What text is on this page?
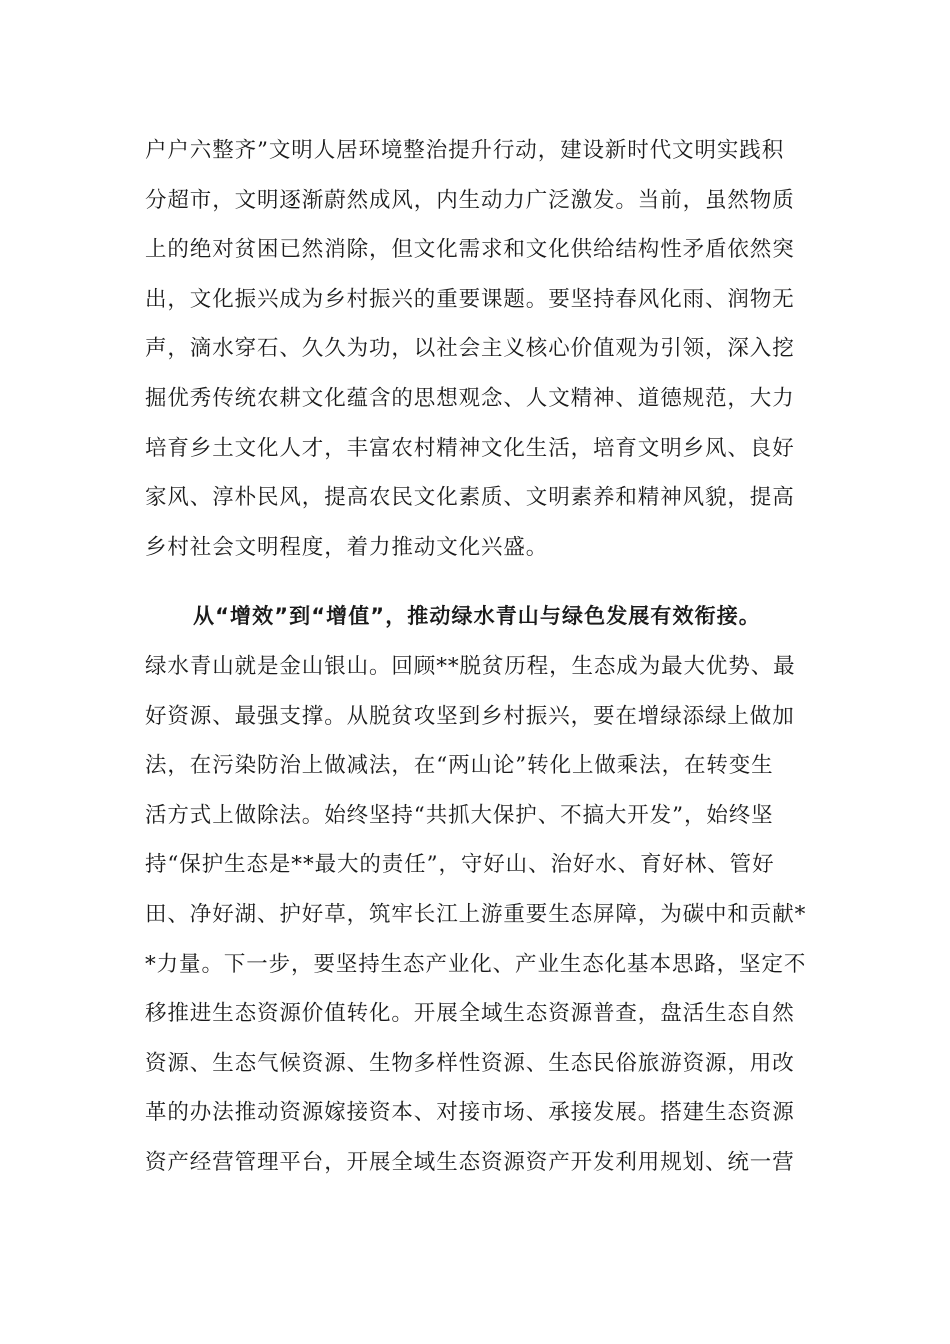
户户六整齐”文明人居环境整治提升行动，建设新时代文明实践积
分超市，文明逐渐蔚然成风，内生动力广泛激发。当前，虽然物质
上的绝对贫困已然消除，但文化需求和文化供给结构性矛盾依然突
出，文化振兴成为乡村振兴的重要课题。要坚持春风化雨、润物无
声，滴水穿石、久久为功，以社会主义核心价值观为引领，深入挖
掘优秀传统农耕文化蕴含的思想观念、人文精神、道德规范，大力
培育乡土文化人才，丰富农村精神文化生活，培育文明乡风、良好
家风、淳朴民风，提高农民文化素质、文明素养和精神风貌，提高
乡村社会文明程度，着力推动文化兴盛。
从“增效”到“增值”，推动绿水青山与绿色发展有效衔接。
绿水青山就是金山银山。回顾**脱贫历程，生态成为最大优势、最
好资源、最强支撑。从脱贫攻坚到乡村振兴，要在增绿添绿上做加
法，在污染防治上做减法，在“两山论”转化上做乘法，在转变生
活方式上做除法。始终坚持“共抓大保护、不搞大开发”，始终坚
持“保护生态是**最大的责任”，守好山、治好水、育好林、管好
田、净好湖、护好草，筑牢长江上游重要生态屏障，为碳中和贡献*
*力量。下一步，要坚持生态产业化、产业生态化基本思路，坚定不
移推进生态资源价值转化。开展全域生态资源普查，盘活生态自然
资源、生态气候资源、生物多样性资源、生态民俗旅游资源，用改
革的办法推动资源嫁接资本、对接市场、承接发展。搭建生态资源
资产经营管理平台，开展全域生态资源资产开发利用规划、统一营
